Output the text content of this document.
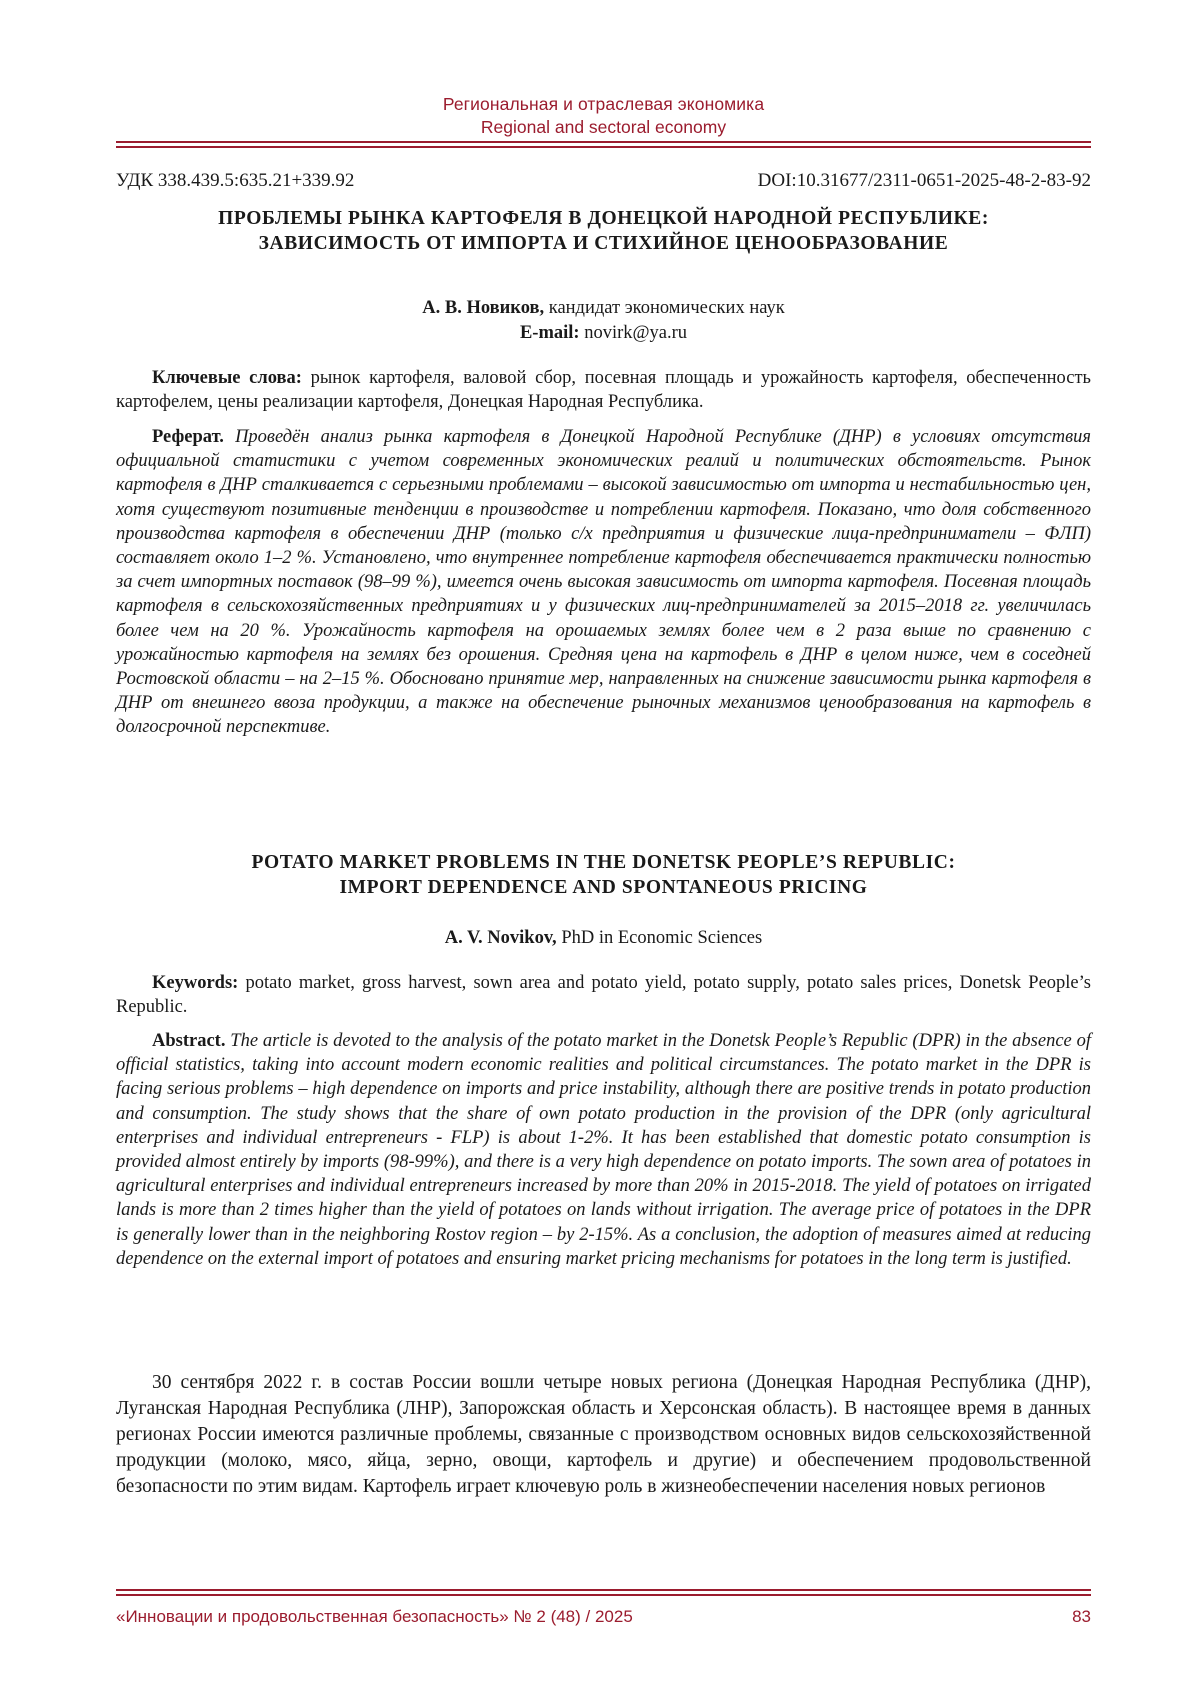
Региональная и отраслевая экономика
Regional and sectoral economy
УДК 338.439.5:635.21+339.92	DOI:10.31677/2311-0651-2025-48-2-83-92
ПРОБЛЕМЫ РЫНКА КАРТОФЕЛЯ В ДОНЕЦКОЙ НАРОДНОЙ РЕСПУБЛИКЕ:
ЗАВИСИМОСТЬ ОТ ИМПОРТА И СТИХИЙНОЕ ЦЕНООБРАЗОВАНИЕ
А. В. Новиков, кандидат экономических наук
E-mail: novirk@ya.ru

Ключевые слова: рынок картофеля, валовой сбор, посевная площадь и урожайность картофеля, обеспеченность картофелем, цены реализации картофеля, Донецкая Народная Республика.

Реферат. Проведён анализ рынка картофеля в Донецкой Народной Республике (ДНР) в условиях отсутствия официальной статистики с учетом современных экономических реалий и политических обстоятельств. Рынок картофеля в ДНР сталкивается с серьезными проблемами – высокой зависимостью от импорта и нестабильностью цен, хотя существуют позитивные тенденции в производстве и потреблении картофеля. Показано, что доля собственного производства картофеля в обеспечении ДНР (только с/х предприятия и физические лица-предприниматели – ФЛП) составляет около 1–2 %. Установлено, что внутреннее потребление картофеля обеспечивается практически полностью за счет импортных поставок (98–99 %), имеется очень высокая зависимость от импорта картофеля. Посевная площадь картофеля в сельскохозяйственных предприятиях и у физических лиц-предпринимателей за 2015–2018 гг. увеличилась более чем на 20 %. Урожайность картофеля на орошаемых землях более чем в 2 раза выше по сравнению с урожайностью картофеля на землях без орошения. Средняя цена на картофель в ДНР в целом ниже, чем в соседней Ростовской области – на 2–15 %. Обосновано принятие мер, направленных на снижение зависимости рынка картофеля в ДНР от внешнего ввоза продукции, а также на обеспечение рыночных механизмов ценообразования на картофель в долгосрочной перспективе.

POTATO MARKET PROBLEMS IN THE DONETSK PEOPLE’S REPUBLIC:
IMPORT DEPENDENCE AND SPONTANEOUS PRICING
A. V. Novikov, PhD in Economic Sciences

Keywords: potato market, gross harvest, sown area and potato yield, potato supply, potato sales prices, Donetsk People’s Republic.

Abstract. The article is devoted to the analysis of the potato market in the Donetsk People’s Republic (DPR) in the absence of official statistics, taking into account modern economic realities and political circumstances. The potato market in the DPR is facing serious problems – high dependence on imports and price instability, although there are positive trends in potato production and consumption. The study shows that the share of own potato production in the provision of the DPR (only agricultural enterprises and individual entrepreneurs - FLP) is about 1-2%. It has been established that domestic potato consumption is provided almost entirely by imports (98-99%), and there is a very high dependence on potato imports. The sown area of potatoes in agricultural enterprises and individual entrepreneurs increased by more than 20% in 2015-2018. The yield of potatoes on irrigated lands is more than 2 times higher than the yield of potatoes on lands without irrigation. The average price of potatoes in the DPR is generally lower than in the neighboring Rostov region – by 2-15%. As a conclusion, the adoption of measures aimed at reducing dependence on the external import of potatoes and ensuring market pricing mechanisms for potatoes in the long term is justified.

30 сентября 2022 г. в состав России вошли четыре новых региона (Донецкая Народная Республика (ДНР), Луганская Народная Республика (ЛНР), Запорожская область и Херсонская область). В настоящее время в данных регионах России имеются различные проблемы, связанные с производством основных видов сельскохозяйственной продукции (молоко, мясо, яйца, зерно, овощи, картофель и другие) и обеспечением продовольственной безопасности по этим видам. Картофель играет ключевую роль в жизнеобеспечении населения новых регионов

«Инновации и продовольственная безопасность» № 2 (48) / 2025	83
